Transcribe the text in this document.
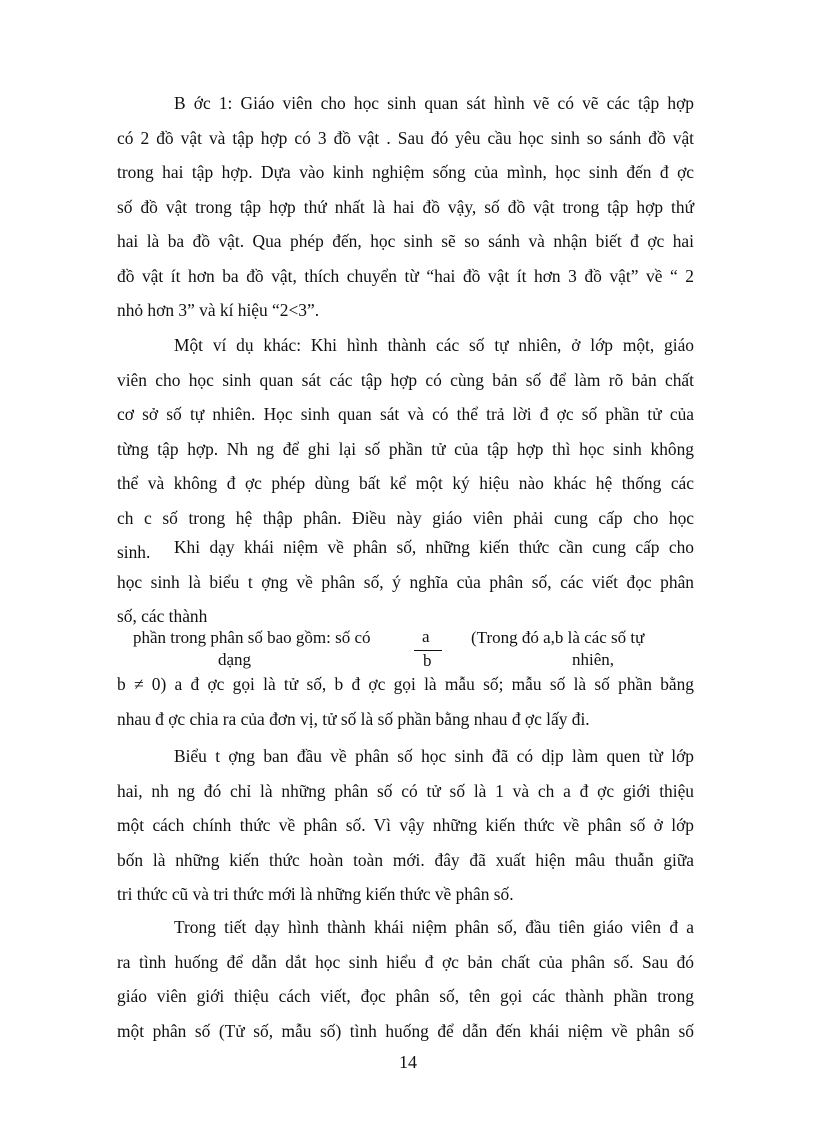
B ớc 1: Giáo viên cho học sinh quan sát hình vẽ có vẽ các tập hợp
có 2 đồ vật và tập hợp có 3 đồ vật . Sau đó yêu cầu học sinh so sánh đồ vật
trong hai tập hợp. Dựa vào kinh nghiệm sống của mình, học sinh đến đ ợc
số đồ vật trong tập hợp thứ nhất là hai đồ vậy, số đồ vật trong tập hợp thứ
hai là ba đồ vật. Qua phép đến, học sinh sẽ so sánh và nhận biết đ ợc hai
đồ vật ít hơn ba đồ vật, thích chuyển từ “hai đồ vật ít hơn 3 đồ vật” về “ 2
nhỏ hơn 3” và kí hiệu “2<3”.
Một ví dụ khác: Khi hình thành các số tự nhiên, ở lớp một, giáo
viên cho học sinh quan sát các tập hợp có cùng bản số để làm rõ bản chất
cơ sở số tự nhiên. Học sinh quan sát và có thể trả lời đ ợc số phần tử của
từng tập hợp. Nh ng để ghi lại số phần tử của tập hợp thì học sinh không
thể và không đ ợc phép dùng bất kể một ký hiệu nào khác hệ thống các
ch c số trong hệ thập phân. Điều này giáo viên phải cung cấp cho học
sinh.	Khi dạy khái niệm về phân số, những kiến thức cần cung cấp cho
học sinh là biểu t ợng về phân số, ý nghĩa của phân số, các viết đọc phân
số, các thành
phần trong phân số bao gồm: số có
dạng
a
b
(Trong đó a,b là các số tự
nhiên,
b ≠ 0) a đ ợc gọi là tử số, b đ ợc gọi là mẫu số; mẫu số là số phần bằng
nhau đ ợc chia ra của đơn vị, tử số là số phần bằng nhau đ ợc lấy đi.
Biểu t ợng ban đầu về phân số học sinh đã có dịp làm quen từ lớp
hai, nh ng đó chỉ là những phân số có tử số là 1 và ch a đ ợc giới thiệu
một cách chính thức về phân số. Vì vậy những kiến thức về phân số ở lớp
bốn là những kiến thức hoàn toàn mới. đây đã xuất hiện mâu thuẫn giữa
tri thức cũ và tri thức mới là những kiến thức về phân số.
Trong tiết dạy hình thành khái niệm phân số, đầu tiên giáo viên đ a
ra tình huống để dẫn dắt học sinh hiểu đ ợc bản chất của phân số. Sau đó
giáo viên giới thiệu cách viết, đọc phân số, tên gọi các thành phần trong
một phân số (Tử số, mẫu số) tình huống để dẫn đến khái niệm về phân số
14
